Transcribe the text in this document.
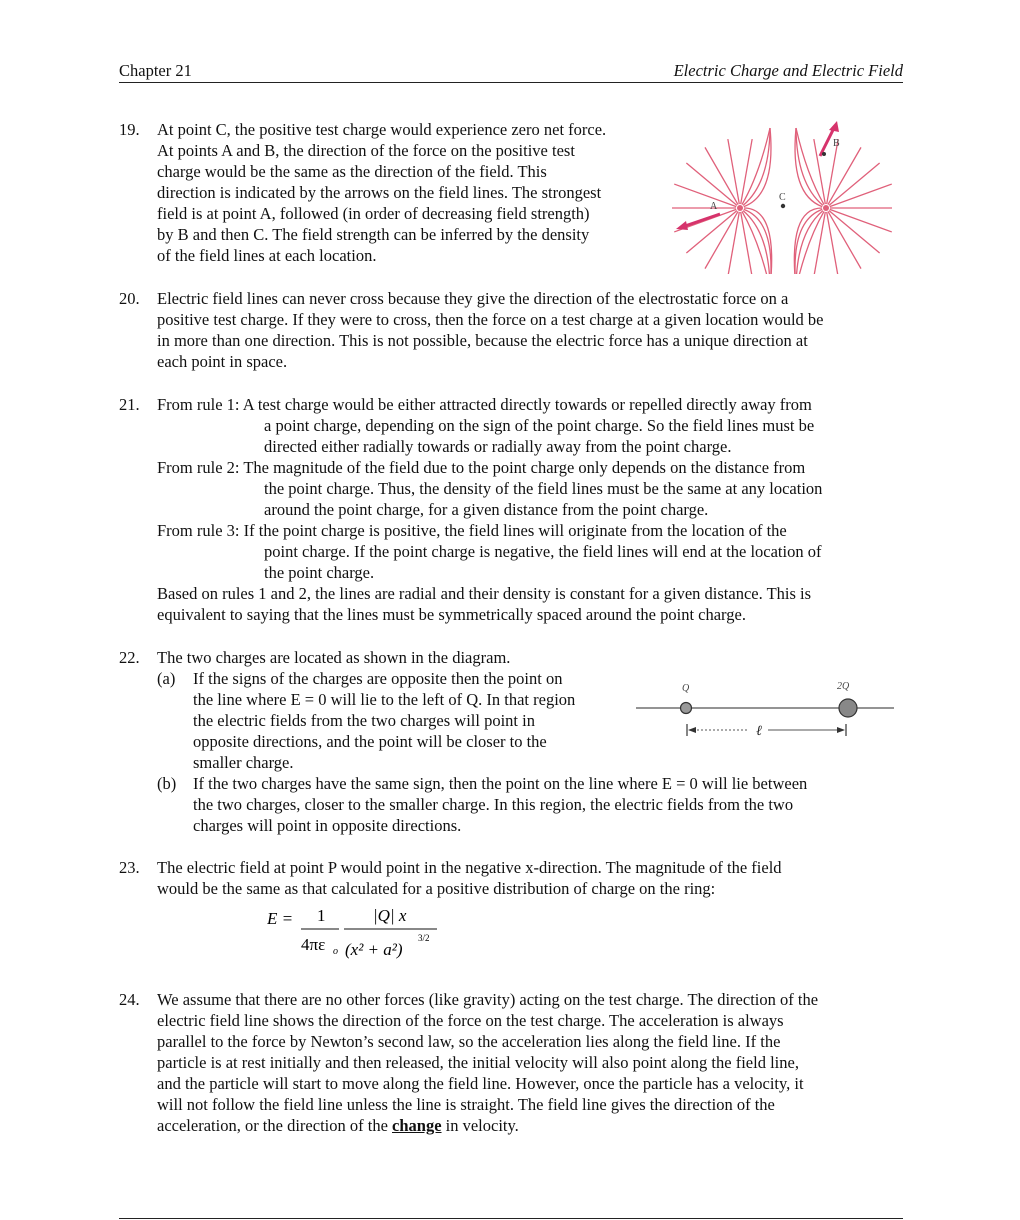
Chapter 21	Electric Charge and Electric Field
19. At point C, the positive test charge would experience zero net force.
At points A and B, the direction of the force on the positive test
charge would be the same as the direction of the field. This
direction is indicated by the arrows on the field lines. The strongest
field is at point A, followed (in order of decreasing field strength)
by B and then C. The field strength can be inferred by the density
of the field lines at each location.
A
B
C
20. Electric field lines can never cross because they give the direction of the electrostatic force on a
positive test charge. If they were to cross, then the force on a test charge at a given location would be
in more than one direction. This is not possible, because the electric force has a unique direction at
each point in space.
21. From rule 1: A test charge would be either attracted directly towards or repelled directly away from
a point charge, depending on the sign of the point charge. So the field lines must be
directed either radially towards or radially away from the point charge.
From rule 2: The magnitude of the field due to the point charge only depends on the distance from
the point charge. Thus, the density of the field lines must be the same at any location
around the point charge, for a given distance from the point charge.
From rule 3: If the point charge is positive, the field lines will originate from the location of the
point charge. If the point charge is negative, the field lines will end at the location of
the point charge.
Based on rules 1 and 2, the lines are radial and their density is constant for a given distance. This is
equivalent to saying that the lines must be symmetrically spaced around the point charge.
22. The two charges are located as shown in the diagram.
(a) If the signs of the charges are opposite then the point on
the line where E = 0 will lie to the left of Q. In that region
the electric fields from the two charges will point in
opposite directions, and the point will be closer to the
smaller charge.
(b) If the two charges have the same sign, then the point on the line where E = 0 will lie between
the two charges, closer to the smaller charge. In this region, the electric fields from the two
charges will point in opposite directions.
Q	2Q
ℓ
23. The electric field at point P would point in the negative x-direction. The magnitude of the field
would be the same as that calculated for a positive distribution of charge on the ring:
E = 1
4πε o
|Q| x
(x² + a²)
3/2
24. We assume that there are no other forces (like gravity) acting on the test charge. The direction of the
electric field line shows the direction of the force on the test charge. The acceleration is always
parallel to the force by Newton’s second law, so the acceleration lies along the field line. If the
particle is at rest initially and then released, the initial velocity will also point along the field line,
and the particle will start to move along the field line. However, once the particle has a velocity, it
will not follow the field line unless the line is straight. The field line gives the direction of the
acceleration, or the direction of the change in velocity.
